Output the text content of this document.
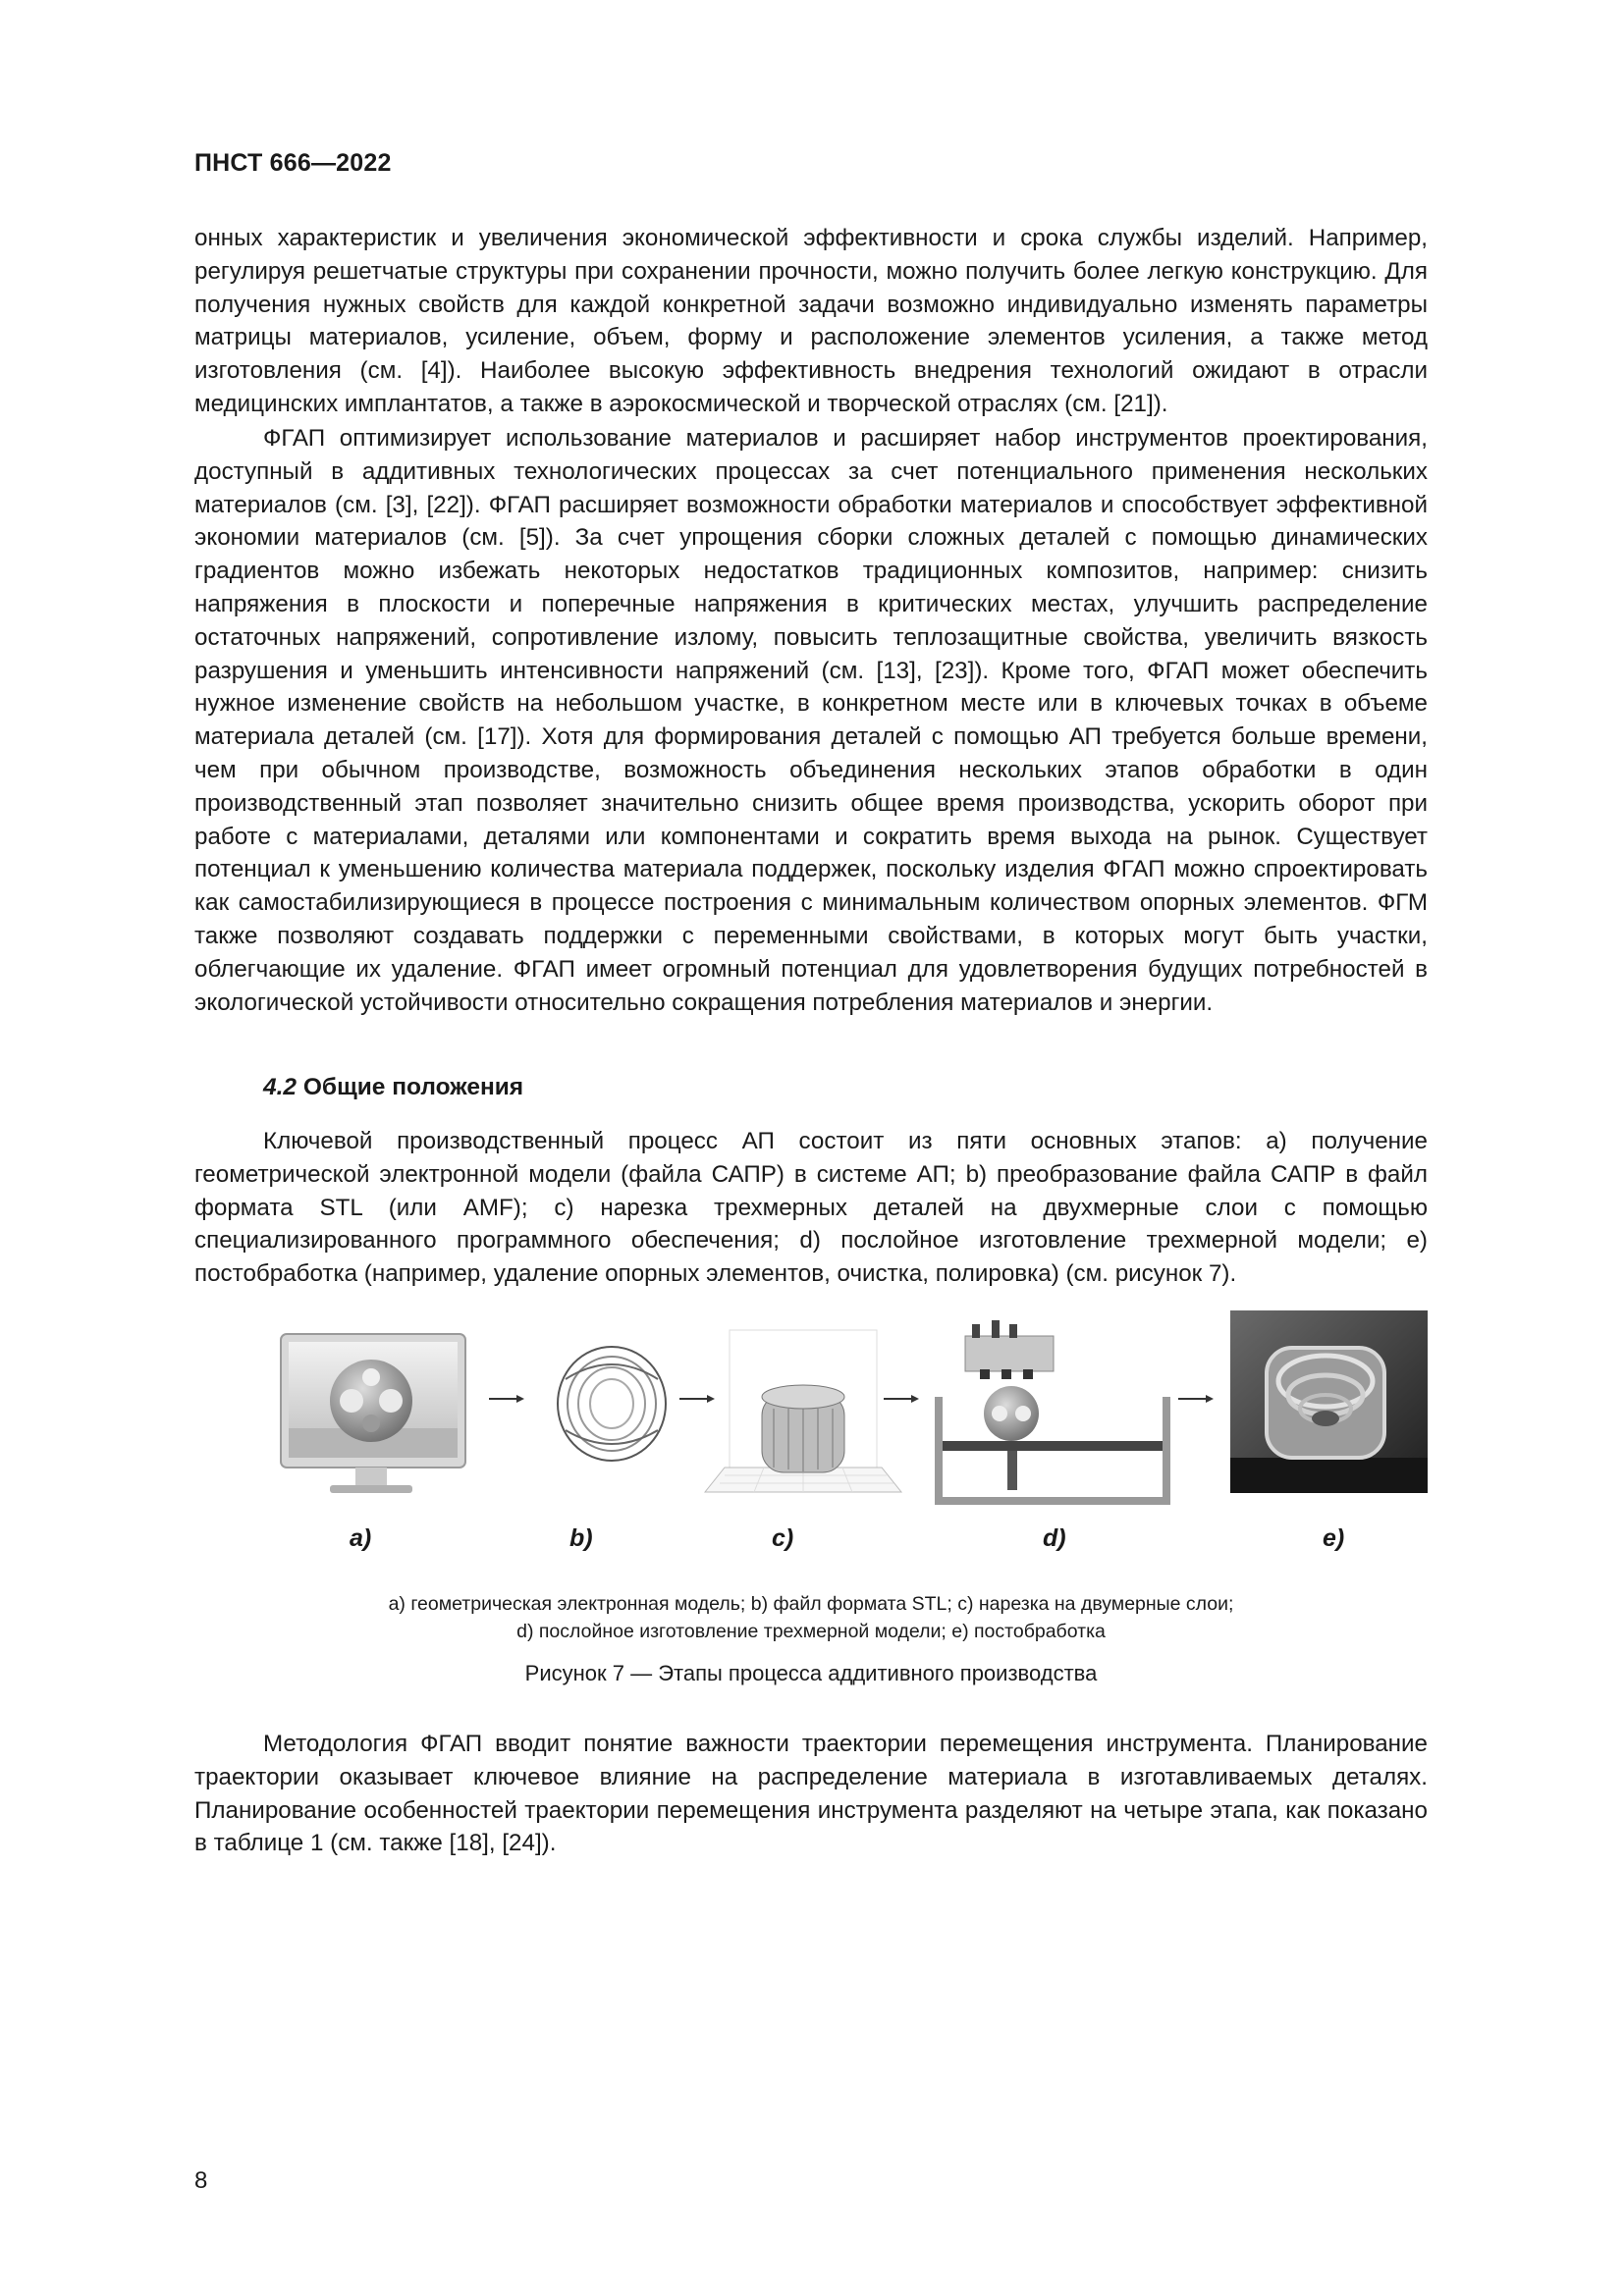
ПНСТ 666—2022

онных характеристик и увеличения экономической эффективности и срока службы изделий. Например, регулируя решетчатые структуры при сохранении прочности, можно получить более легкую конструкцию. Для получения нужных свойств для каждой конкретной задачи возможно индивидуально изменять параметры матрицы материалов, усиление, объем, форму и расположение элементов усиления, а также метод изготовления (см. [4]). Наиболее высокую эффективность внедрения технологий ожидают в отрасли медицинских имплантатов, а также в аэрокосмической и творческой отраслях (см. [21]).

ФГАП оптимизирует использование материалов и расширяет набор инструментов проектирования, доступный в аддитивных технологических процессах за счет потенциального применения нескольких материалов (см. [3], [22]). ФГАП расширяет возможности обработки материалов и способствует эффективной экономии материалов (см. [5]). За счет упрощения сборки сложных деталей с помощью динамических градиентов можно избежать некоторых недостатков традиционных композитов, например: снизить напряжения в плоскости и поперечные напряжения в критических местах, улучшить распределение остаточных напряжений, сопротивление излому, повысить теплозащитные свойства, увеличить вязкость разрушения и уменьшить интенсивности напряжений (см. [13], [23]). Кроме того, ФГАП может обеспечить нужное изменение свойств на небольшом участке, в конкретном месте или в ключевых точках в объеме материала деталей (см. [17]). Хотя для формирования деталей с помощью АП требуется больше времени, чем при обычном производстве, возможность объединения нескольких этапов обработки в один производственный этап позволяет значительно снизить общее время производства, ускорить оборот при работе с материалами, деталями или компонентами и сократить время выхода на рынок. Существует потенциал к уменьшению количества материала поддержек, поскольку изделия ФГАП можно спроектировать как самостабилизирующиеся в процессе построения с минимальным количеством опорных элементов. ФГМ также позволяют создавать поддержки с переменными свойствами, в которых могут быть участки, облегчающие их удаление. ФГАП имеет огромный потенциал для удовлетворения будущих потребностей в экологической устойчивости относительно сокращения потребления материалов и энергии.

4.2 Общие положения

Ключевой производственный процесс АП состоит из пяти основных этапов: a) получение геометрической электронной модели (файла САПР) в системе АП; b) преобразование файла САПР в файл формата STL (или AMF); c) нарезка трехмерных деталей на двухмерные слои с помощью специализированного программного обеспечения; d) послойное изготовление трехмерной модели; e) постобработка (например, удаление опорных элементов, очистка, полировка) (см. рисунок 7).

a)	b)	c)	d)	e)
a) геометрическая электронная модель; b) файл формата STL; c) нарезка на двумерные слои;
d) послойное изготовление трехмерной модели; e) постобработка
Рисунок 7 — Этапы процесса аддитивного производства

Методология ФГАП вводит понятие важности траектории перемещения инструмента. Планирование траектории оказывает ключевое влияние на распределение материала в изготавливаемых деталях. Планирование особенностей траектории перемещения инструмента разделяют на четыре этапа, как показано в таблице 1 (см. также [18], [24]).

8
